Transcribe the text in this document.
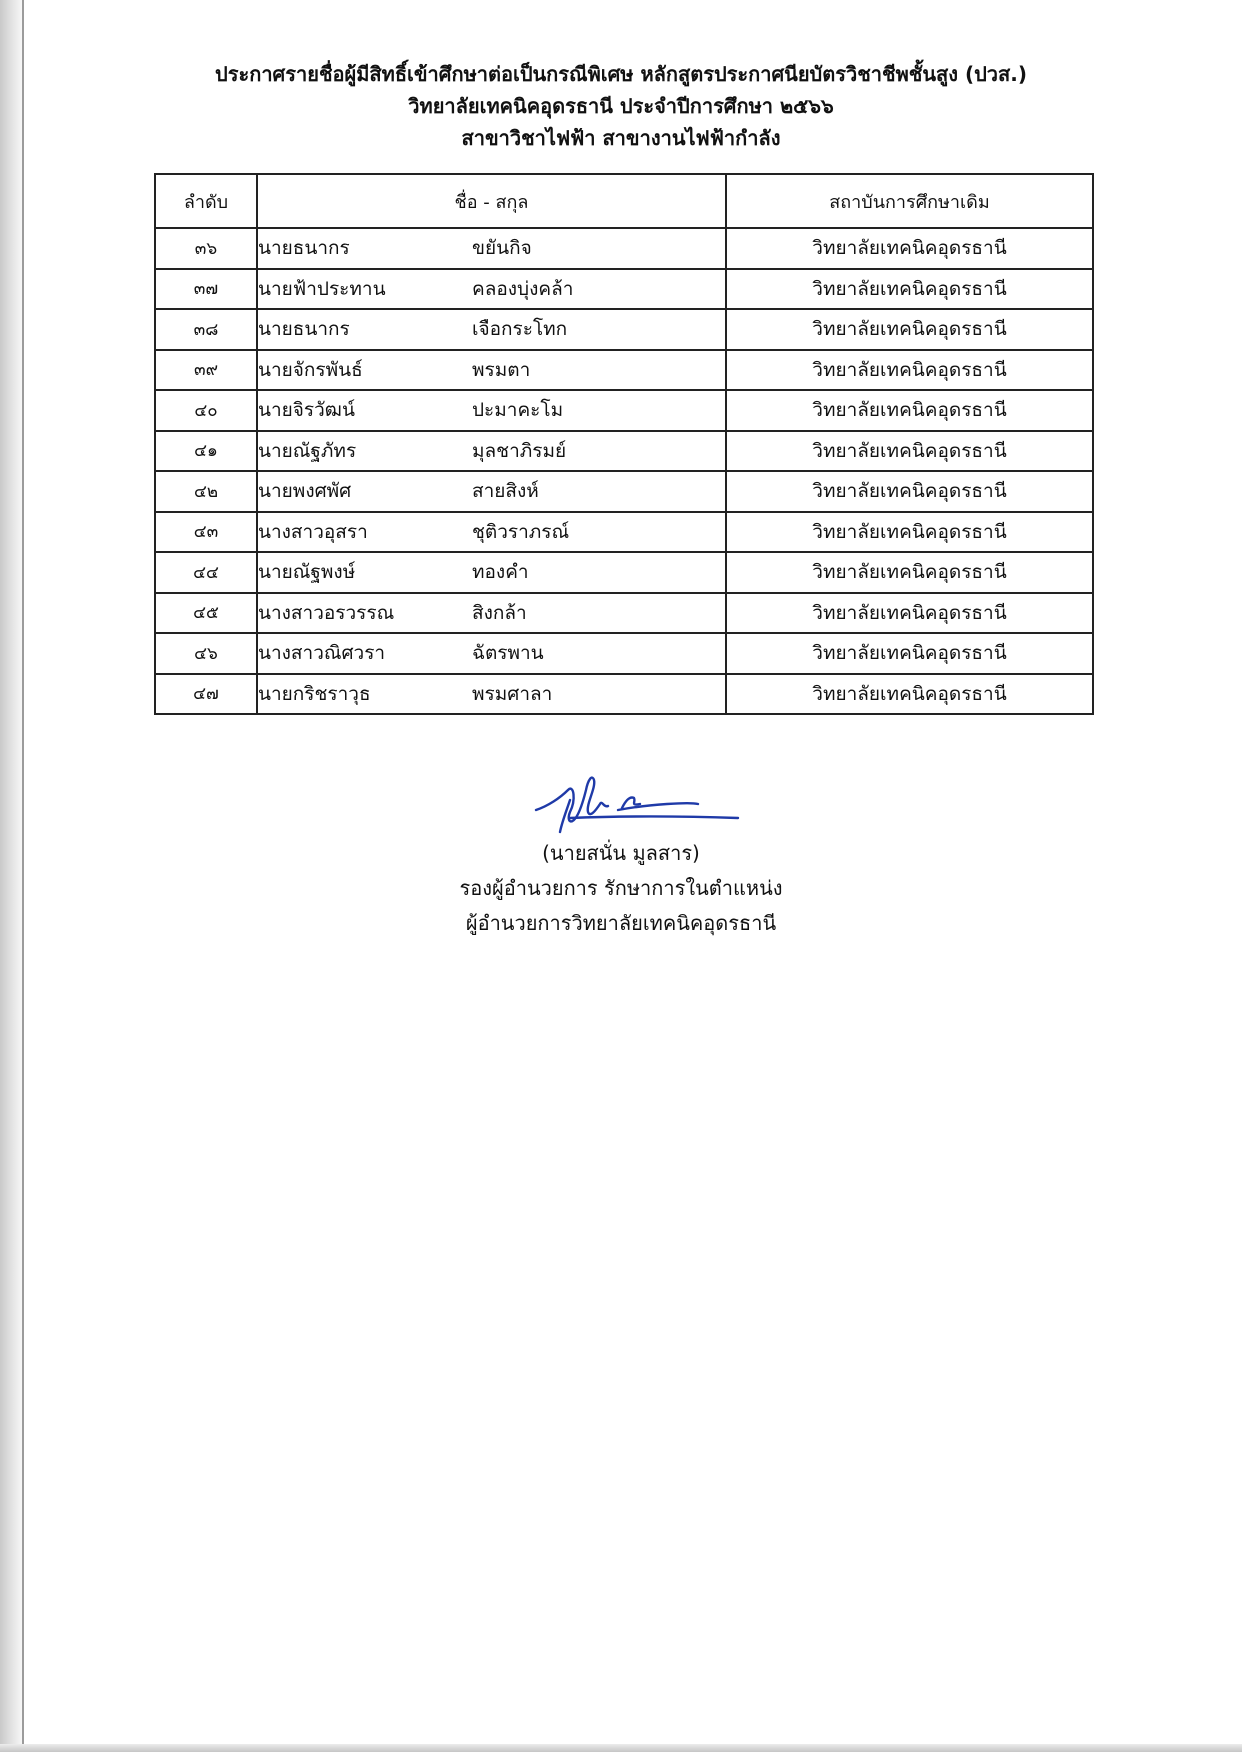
ประกาศรายชื่อผู้มีสิทธิ์เข้าศึกษาต่อเป็นกรณีพิเศษ หลักสูตรประกาศนียบัตรวิชาชีพชั้นสูง (ปวส.)
วิทยาลัยเทคนิคอุดรธานี ประจำปีการศึกษา ๒๕๖๖
สาขาวิชาไฟฟ้า สาขางานไฟฟ้ากำลัง
ลำดับ	ชื่อ - สกุล	สถาบันการศึกษาเดิม
๓๖	นายธนากร ขยันกิจ	วิทยาลัยเทคนิคอุดรธานี
๓๗	นายฟ้าประทาน คลองบุ่งคล้า	วิทยาลัยเทคนิคอุดรธานี
๓๘	นายธนากร เจือกระโทก	วิทยาลัยเทคนิคอุดรธานี
๓๙	นายจักรพันธ์ พรมตา	วิทยาลัยเทคนิคอุดรธานี
๔๐	นายจิรวัฒน์ ปะมาคะโม	วิทยาลัยเทคนิคอุดรธานี
๔๑	นายณัฐภัทร มุลชาภิรมย์	วิทยาลัยเทคนิคอุดรธานี
๔๒	นายพงศพัศ สายสิงห์	วิทยาลัยเทคนิคอุดรธานี
๔๓	นางสาวอุสรา ชุติวราภรณ์	วิทยาลัยเทคนิคอุดรธานี
๔๔	นายณัฐพงษ์ ทองคำ	วิทยาลัยเทคนิคอุดรธานี
๔๕	นางสาวอรวรรณ สิงกล้า	วิทยาลัยเทคนิคอุดรธานี
๔๖	นางสาวณิศวรา ฉัตรพาน	วิทยาลัยเทคนิคอุดรธานี
๔๗	นายกริชราวุธ พรมศาลา	วิทยาลัยเทคนิคอุดรธานี
(นายสนั่น มูลสาร)
รองผู้อำนวยการ รักษาการในตำแหน่ง
ผู้อำนวยการวิทยาลัยเทคนิคอุดรธานี
